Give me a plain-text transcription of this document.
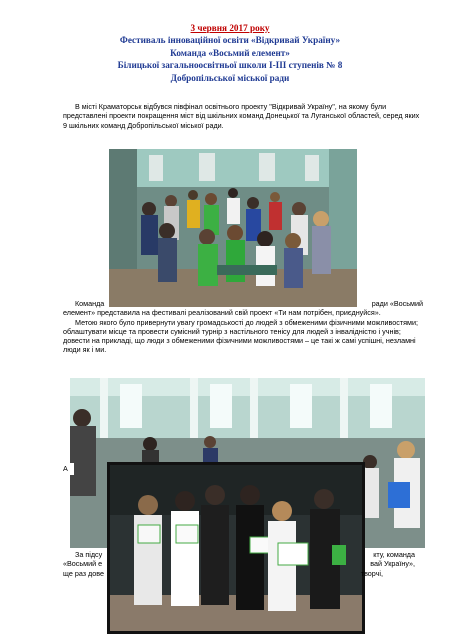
3 червня 2017 року
Фестиваль інноваційної освіти «Відкривай Україну»
Команда «Восьмий елемент»
Білицької загальноосвітньої школи І-ІІІ ступенів № 8
Добропільської міської ради
В місті Краматорськ відбувся півфінал освітнього проекту "Відкривай Україну", на якому були представлені проекти покращення міст від шкільних команд Донецької та Луганської областей, серед яких 9 шкільних команд Добропільської міської ради.
Команда	ради «Восьмий
елемент» представила на фестивалі реалізований свій проект «Ти нам потрібен, приєднуйся».
Метою якого було привернути увагу громадськості до людей з обмеженими фізичними можливостями; облаштувати місце та провести сумісний турнір з настільного тенісу для людей з інвалідністю і учнів; довести на прикладі, що люди з обмеженими фізичними можливостями – це такі ж самі успішні, незламні люди як і ми.
А
За підсу	кту, команда
«Восьмий е	вай Україну»,
ще раз дове	творчі,
